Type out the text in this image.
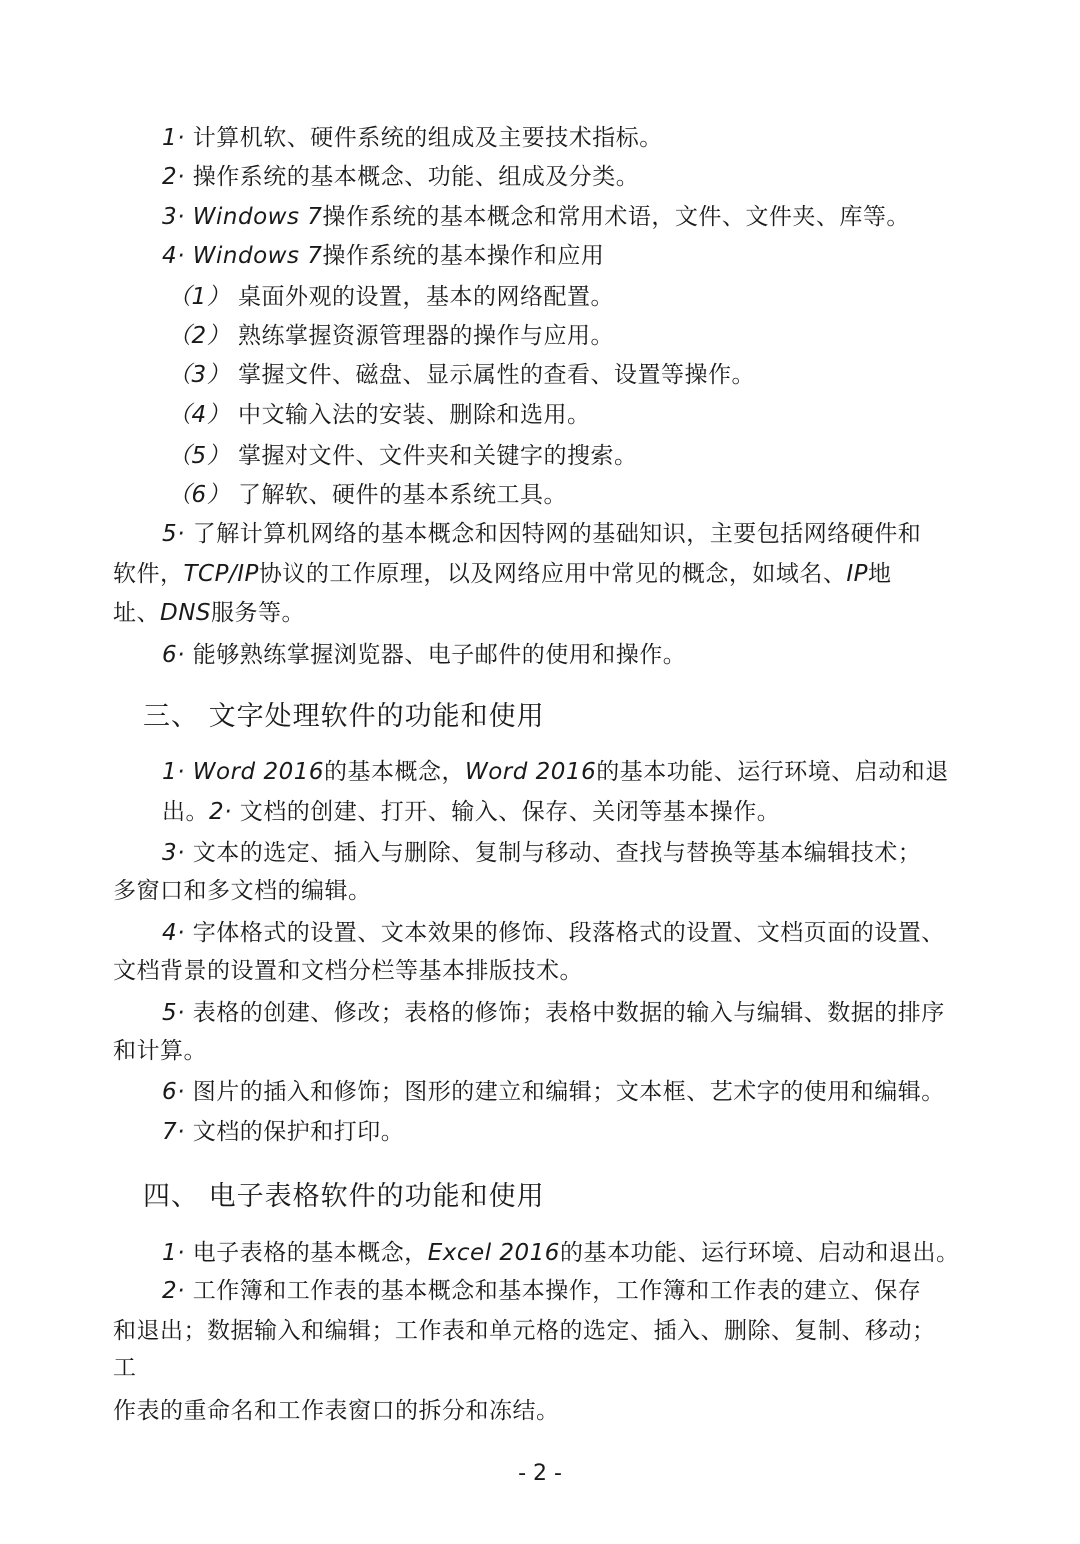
1· 计算机软、硬件系统的组成及主要技术指标。
2· 操作系统的基本概念、功能、组成及分类。
3· Windows 7操作系统的基本概念和常用术语，文件、文件夹、库等。
4· Windows 7操作系统的基本操作和应用
（1） 桌面外观的设置，基本的网络配置。
（2） 熟练掌握资源管理器的操作与应用。
（3） 掌握文件、磁盘、显示属性的查看、设置等操作。
（4） 中文输入法的安装、删除和选用。
（5） 掌握对文件、文件夹和关键字的搜索。
（6） 了解软、硬件的基本系统工具。
5· 了解计算机网络的基本概念和因特网的基础知识，主要包括网络硬件和
软件，TCP/IP协议的工作原理，以及网络应用中常见的概念，如域名、IP地
址、DNS服务等。
6· 能够熟练掌握浏览器、电子邮件的使用和操作。
三、 文字处理软件的功能和使用
1· Word 2016的基本概念，Word 2016的基本功能、运行环境、启动和退
出。2· 文档的创建、打开、输入、保存、关闭等基本操作。
3· 文本的选定、插入与删除、复制与移动、查找与替换等基本编辑技术；
多窗口和多文档的编辑。
4· 字体格式的设置、文本效果的修饰、段落格式的设置、文档页面的设置、
文档背景的设置和文档分栏等基本排版技术。
5· 表格的创建、修改；表格的修饰；表格中数据的输入与编辑、数据的排序
和计算。
6· 图片的插入和修饰；图形的建立和编辑；文本框、艺术字的使用和编辑。
7· 文档的保护和打印。
四、 电子表格软件的功能和使用
1· 电子表格的基本概念，Excel 2016的基本功能、运行环境、启动和退出。
2· 工作簿和工作表的基本概念和基本操作，工作簿和工作表的建立、保存
和退出；数据输入和编辑；工作表和单元格的选定、插入、删除、复制、移动；
工
作表的重命名和工作表窗口的拆分和冻结。
- 2 -
